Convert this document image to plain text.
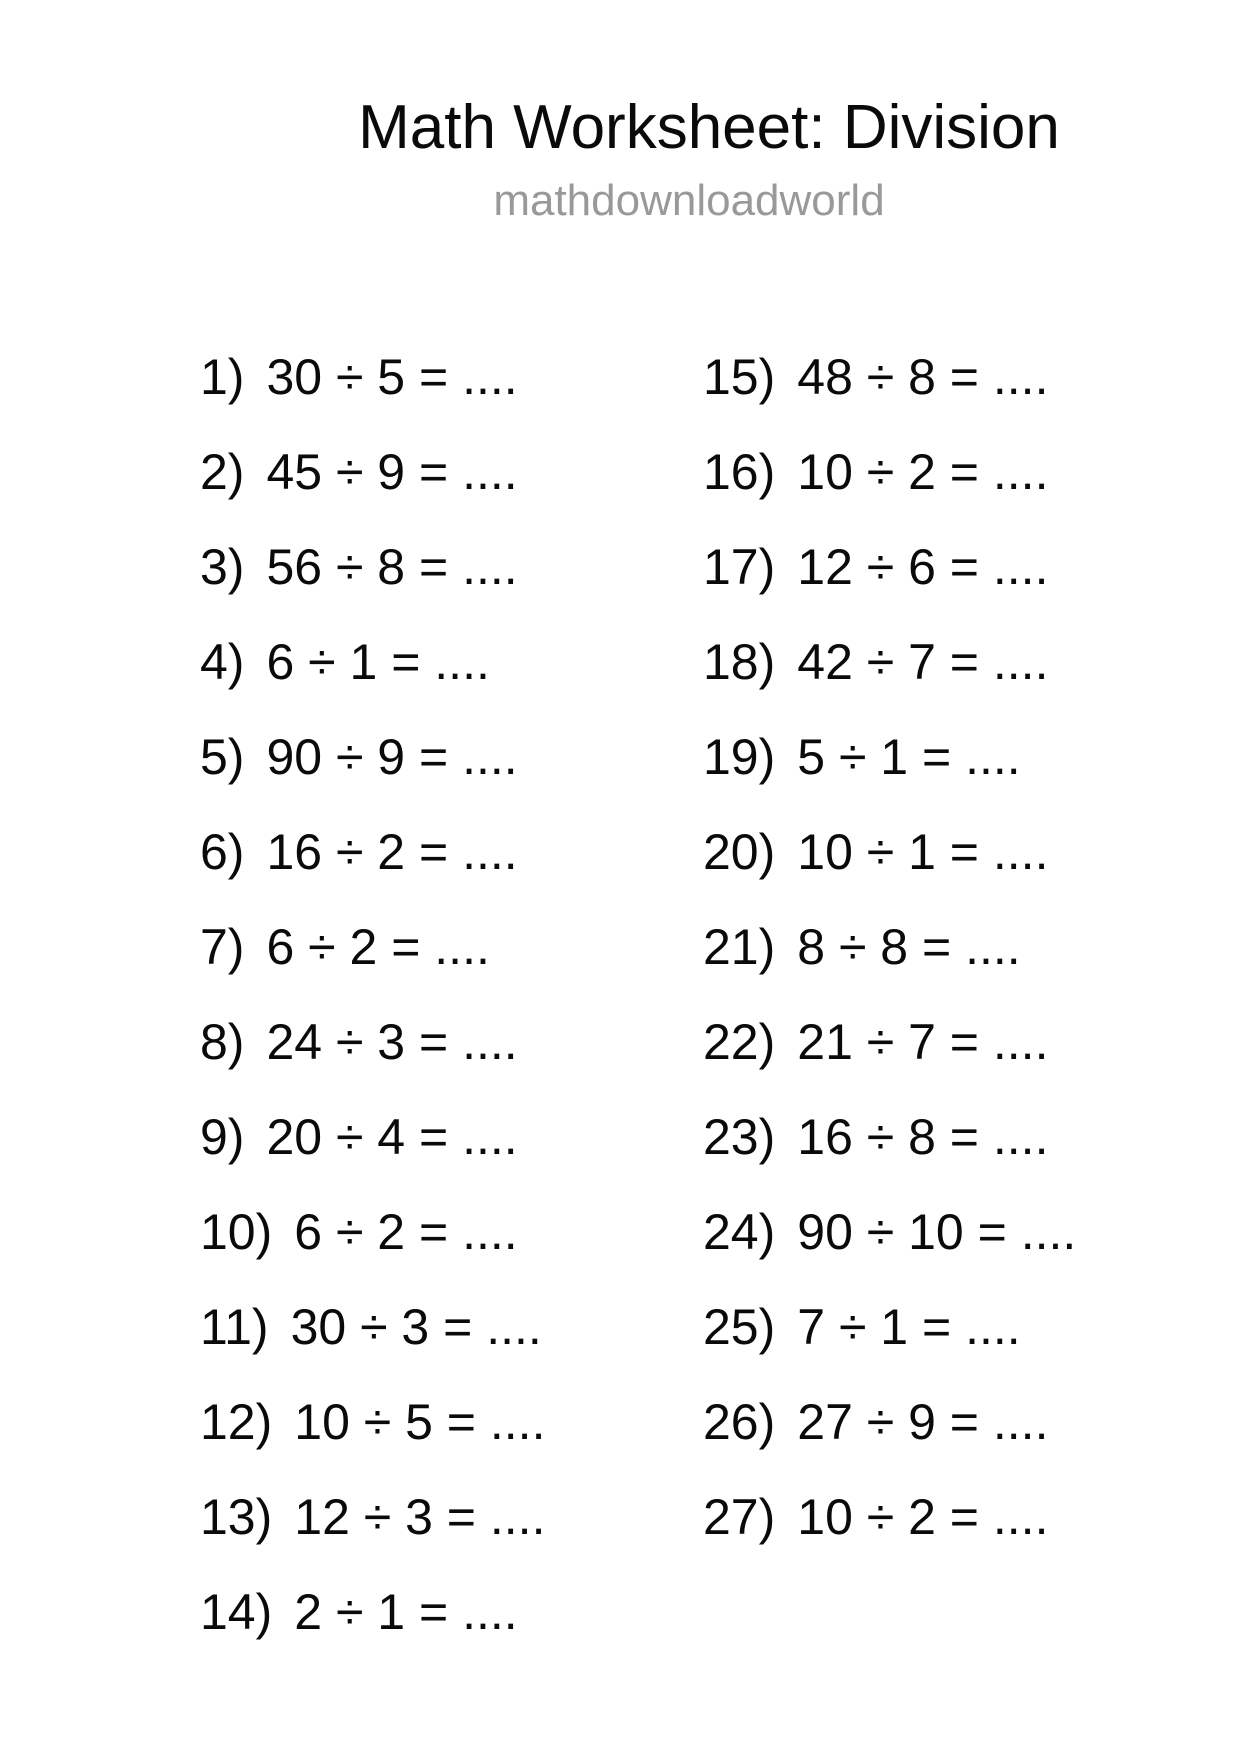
Math Worksheet: Division
mathdownloadworld
1) 30 ÷ 5 = ....
2) 45 ÷ 9 = ....
3) 56 ÷ 8 = ....
4) 6 ÷ 1 = ....
5) 90 ÷ 9 = ....
6) 16 ÷ 2 = ....
7) 6 ÷ 2 = ....
8) 24 ÷ 3 = ....
9) 20 ÷ 4 = ....
10) 6 ÷ 2 = ....
11) 30 ÷ 3 = ....
12) 10 ÷ 5 = ....
13) 12 ÷ 3 = ....
14) 2 ÷ 1 = ....
15) 48 ÷ 8 = ....
16) 10 ÷ 2 = ....
17) 12 ÷ 6 = ....
18) 42 ÷ 7 = ....
19) 5 ÷ 1 = ....
20) 10 ÷ 1 = ....
21) 8 ÷ 8 = ....
22) 21 ÷ 7 = ....
23) 16 ÷ 8 = ....
24) 90 ÷ 10 = ....
25) 7 ÷ 1 = ....
26) 27 ÷ 9 = ....
27) 10 ÷ 2 = ....
